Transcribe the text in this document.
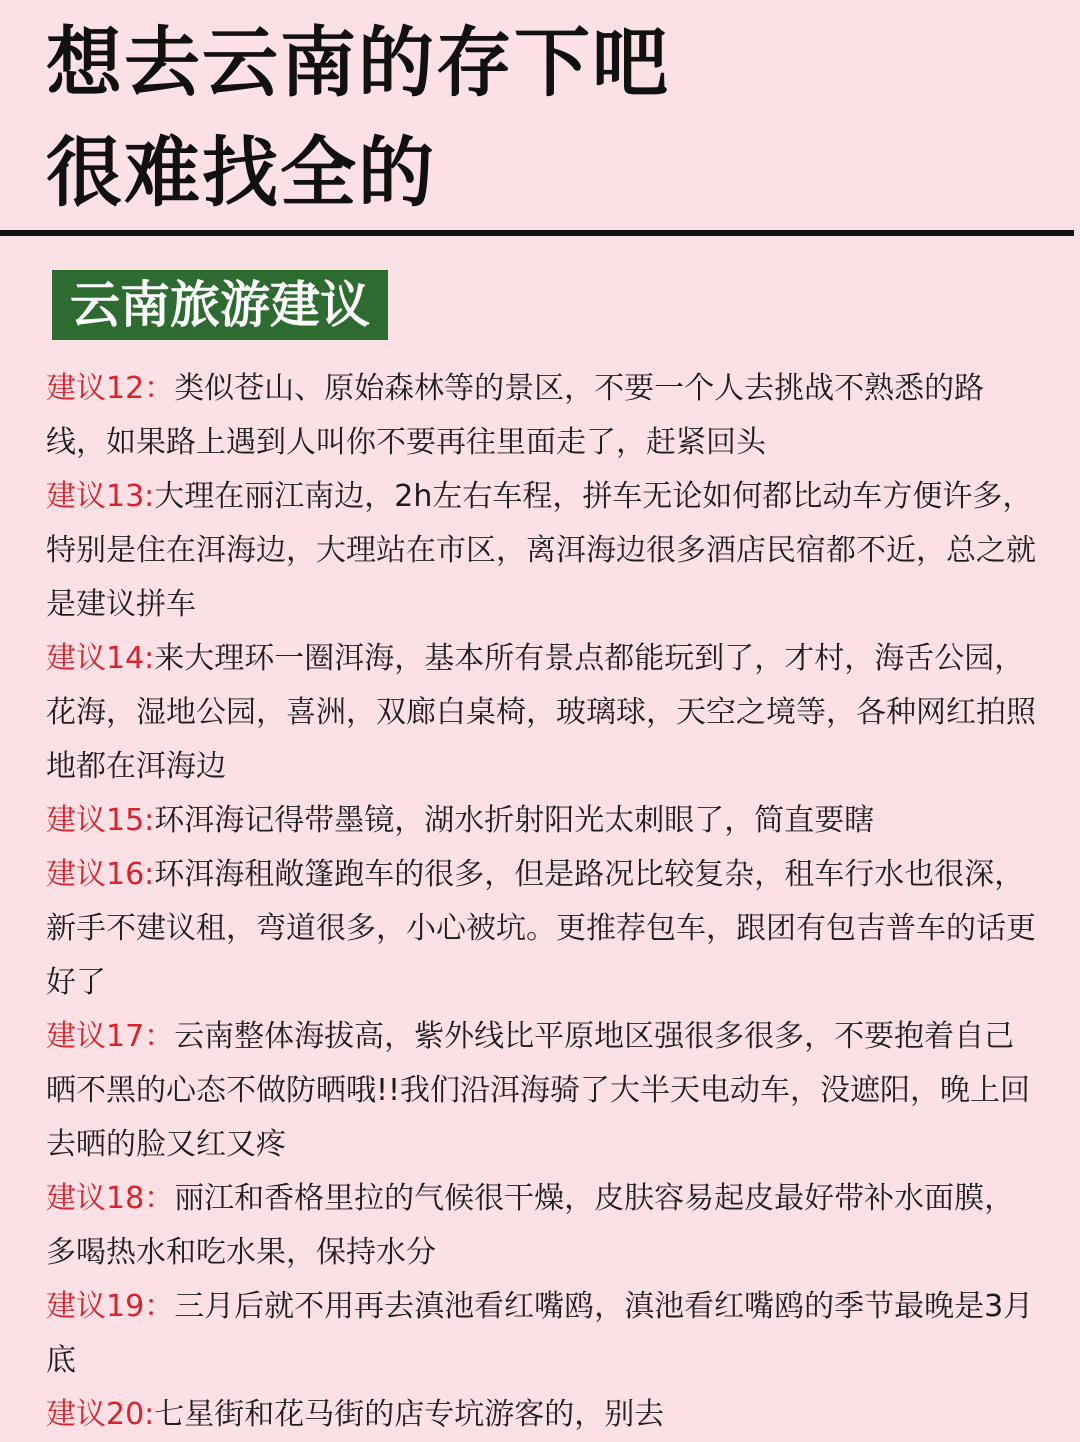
想去云南的存下吧
很难找全的
云南旅游建议

建议12：类似苍山、原始森林等的景区，不要一个人去挑战不熟悉的路线，如果路上遇到人叫你不要再往里面走了，赶紧回头

建议13:大理在丽江南边，2h左右车程，拼车无论如何都比动车方便许多，特别是住在洱海边，大理站在市区，离洱海边很多酒店民宿都不近，总之就是建议拼车

建议14:来大理环一圈洱海，基本所有景点都能玩到了，才村，海舌公园，花海，湿地公园，喜洲，双廊白桌椅，玻璃球，天空之境等，各种网红拍照地都在洱海边

建议15:环洱海记得带墨镜，湖水折射阳光太刺眼了，简直要瞎

建议16:环洱海租敞篷跑车的很多，但是路况比较复杂，租车行水也很深，新手不建议租，弯道很多，小心被坑。更推荐包车，跟团有包吉普车的话更好了

建议17：云南整体海拔高，紫外线比平原地区强很多很多，不要抱着自己晒不黑的心态不做防晒哦!!我们沿洱海骑了大半天电动车，没遮阳，晚上回去晒的脸又红又疼

建议18：丽江和香格里拉的气候很干燥，皮肤容易起皮最好带补水面膜，多喝热水和吃水果，保持水分

建议19：三月后就不用再去滇池看红嘴鸥，滇池看红嘴鸥的季节最晚是3月底

建议20:七星街和花马街的店专坑游客的，别去
